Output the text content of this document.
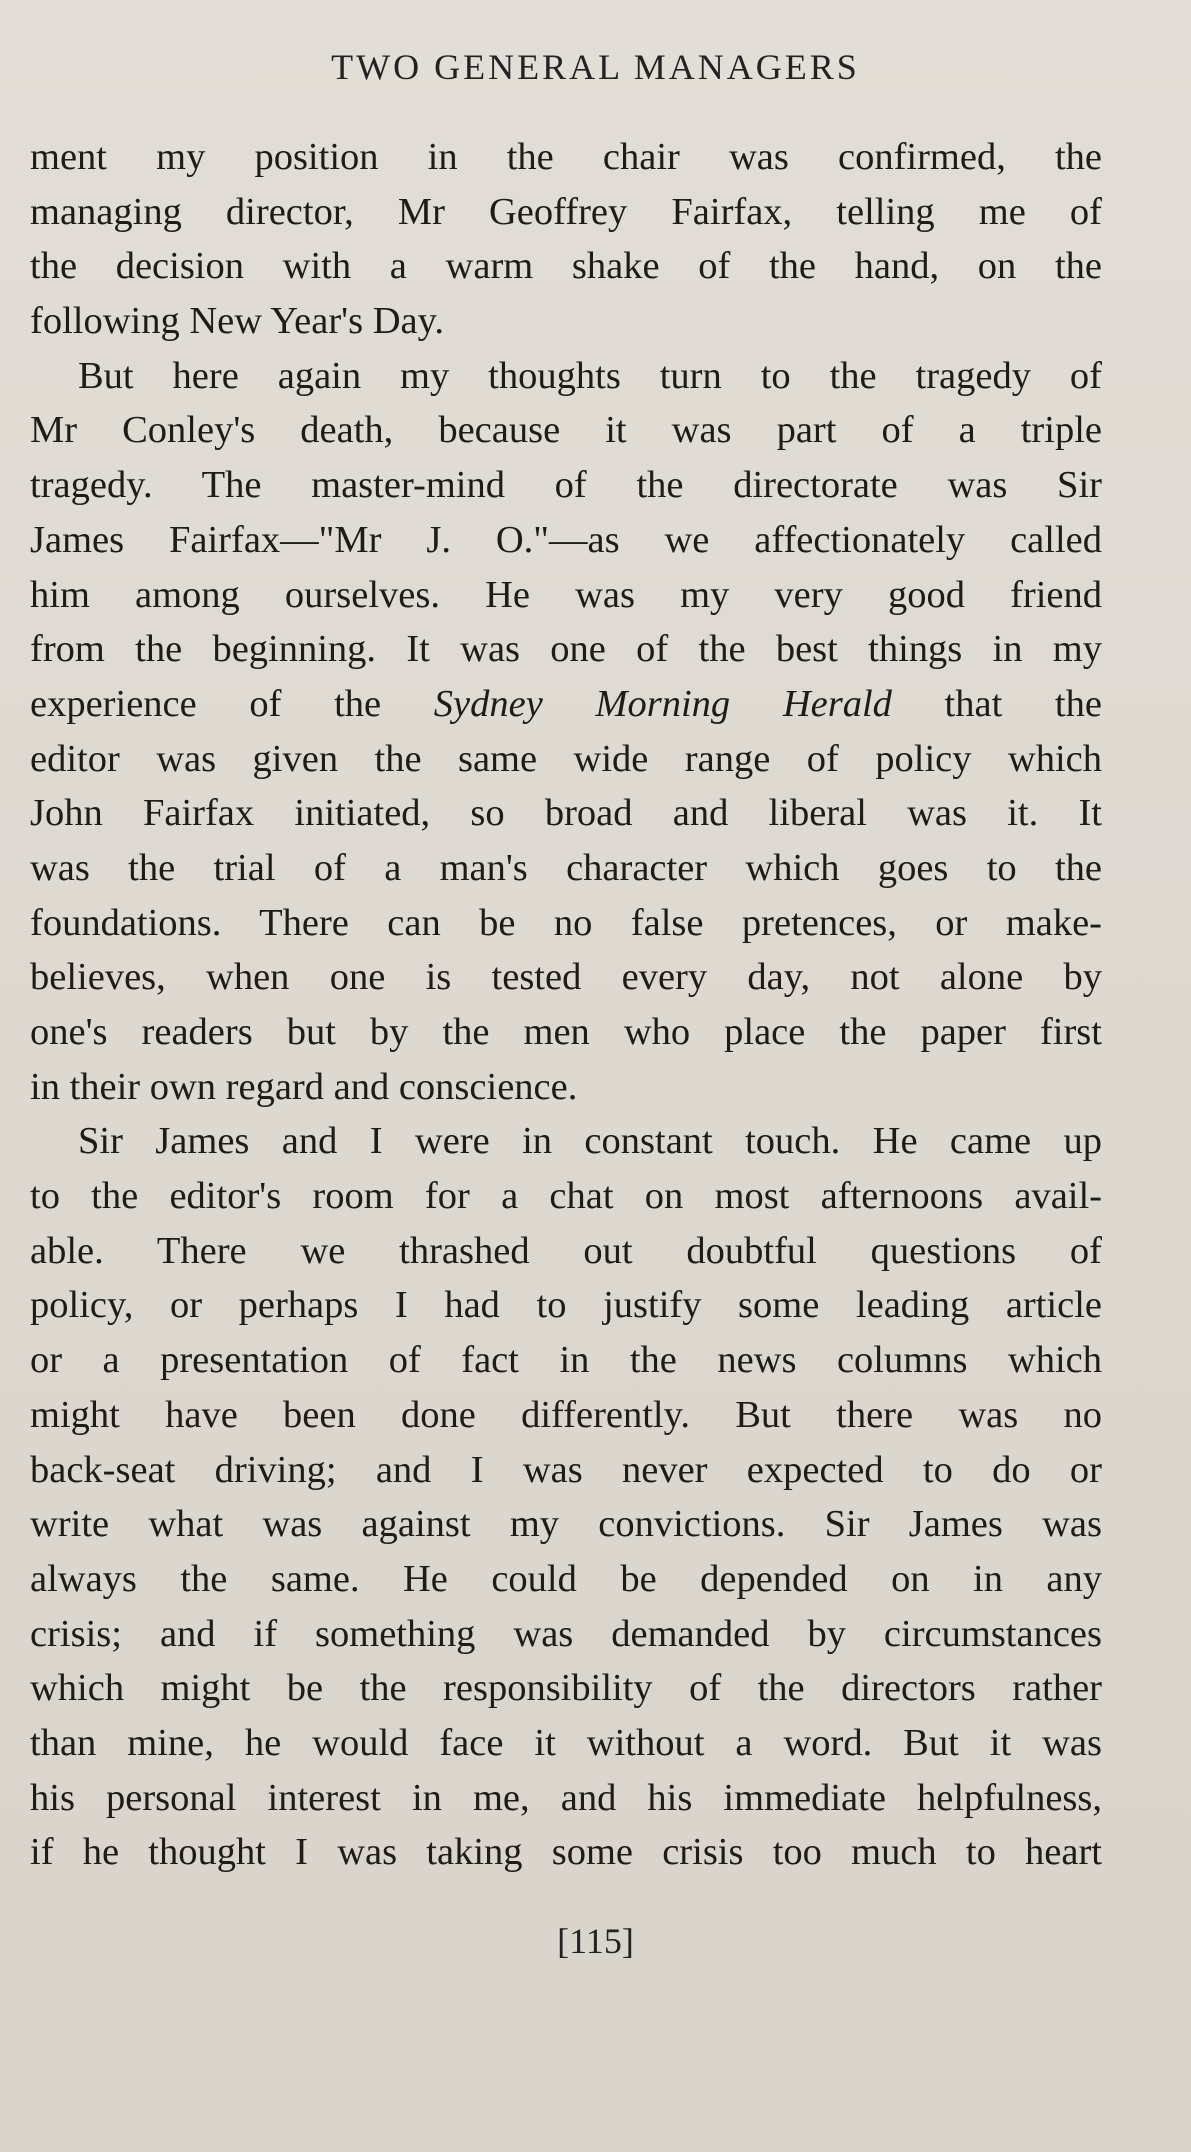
TWO GENERAL MANAGERS
ment my position in the chair was confirmed, the
managing director, Mr Geoffrey Fairfax, telling me of
the decision with a warm shake of the hand, on the
following New Year's Day.
But here again my thoughts turn to the tragedy of
Mr Conley's death, because it was part of a triple
tragedy. The master-mind of the directorate was Sir
James Fairfax—"Mr J. O."—as we affectionately called
him among ourselves. He was my very good friend
from the beginning. It was one of the best things in my
experience of the Sydney Morning Herald that the
editor was given the same wide range of policy which
John Fairfax initiated, so broad and liberal was it. It
was the trial of a man's character which goes to the
foundations. There can be no false pretences, or make-
believes, when one is tested every day, not alone by
one's readers but by the men who place the paper first
in their own regard and conscience.
Sir James and I were in constant touch. He came up
to the editor's room for a chat on most afternoons avail-
able. There we thrashed out doubtful questions of
policy, or perhaps I had to justify some leading article
or a presentation of fact in the news columns which
might have been done differently. But there was no
back-seat driving; and I was never expected to do or
write what was against my convictions. Sir James was
always the same. He could be depended on in any
crisis; and if something was demanded by circumstances
which might be the responsibility of the directors rather
than mine, he would face it without a word. But it was
his personal interest in me, and his immediate helpfulness,
if he thought I was taking some crisis too much to heart
[115]
